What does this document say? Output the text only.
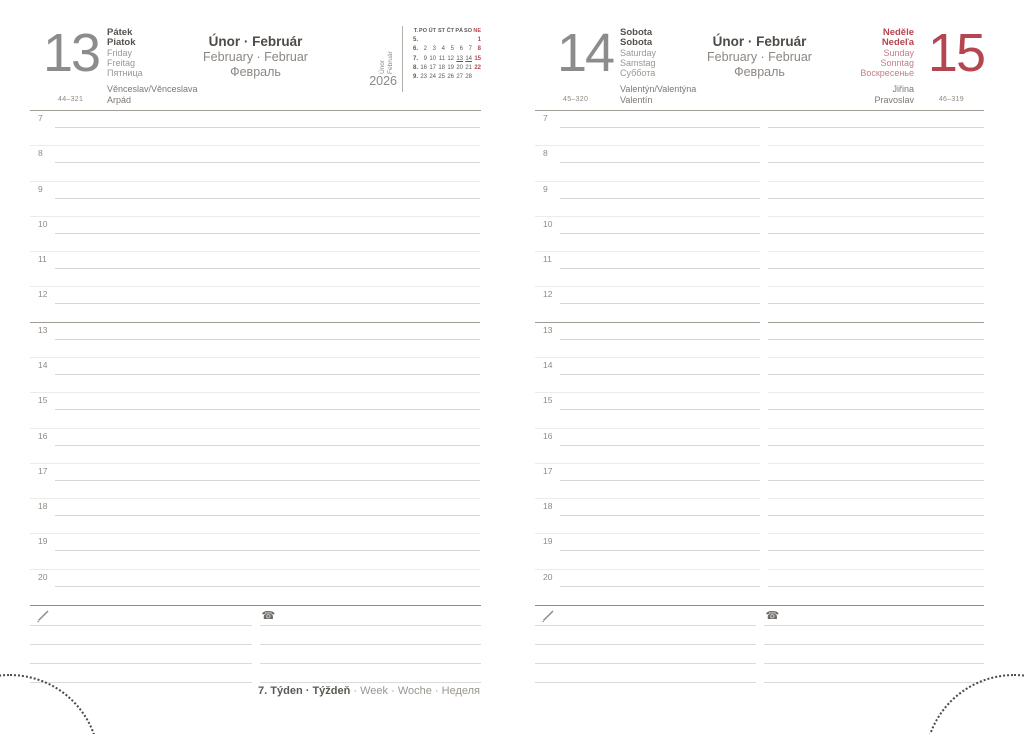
13 Pátek
Piatok
Friday
Freitag
Пятница
Únor · Február
February · Februar
Февраль	Únor Február
2026
T. PO ÚT ST ČT PÁ SO NE
5.	1
6. 2 3 4 5 6 7 8
7. 9 10 11 12 13 14 15
8. 16 17 18 19 20 21 22
9. 23 24 25 26 27 28
44–321
Věnceslav/Věnceslava
Arpád
7
8
9
10
11
12
13
14
15
16
17
18
19
20
☎
7. Týden · Týždeň · Week · Woche · Неделя
14 Sobota
Sobota
Saturday
Samstag
Суббота
Únor · Február
February · Februar
Февраль
Neděle
Nedeľa
Sunday
Sonntag
Воскресенье 15
45–320
Valentýn/Valentýna
Valentín
Jiřina
Pravoslav	46–319
7
8
9
10
11
12
13
14
15
16
17
18
19
20
☎
